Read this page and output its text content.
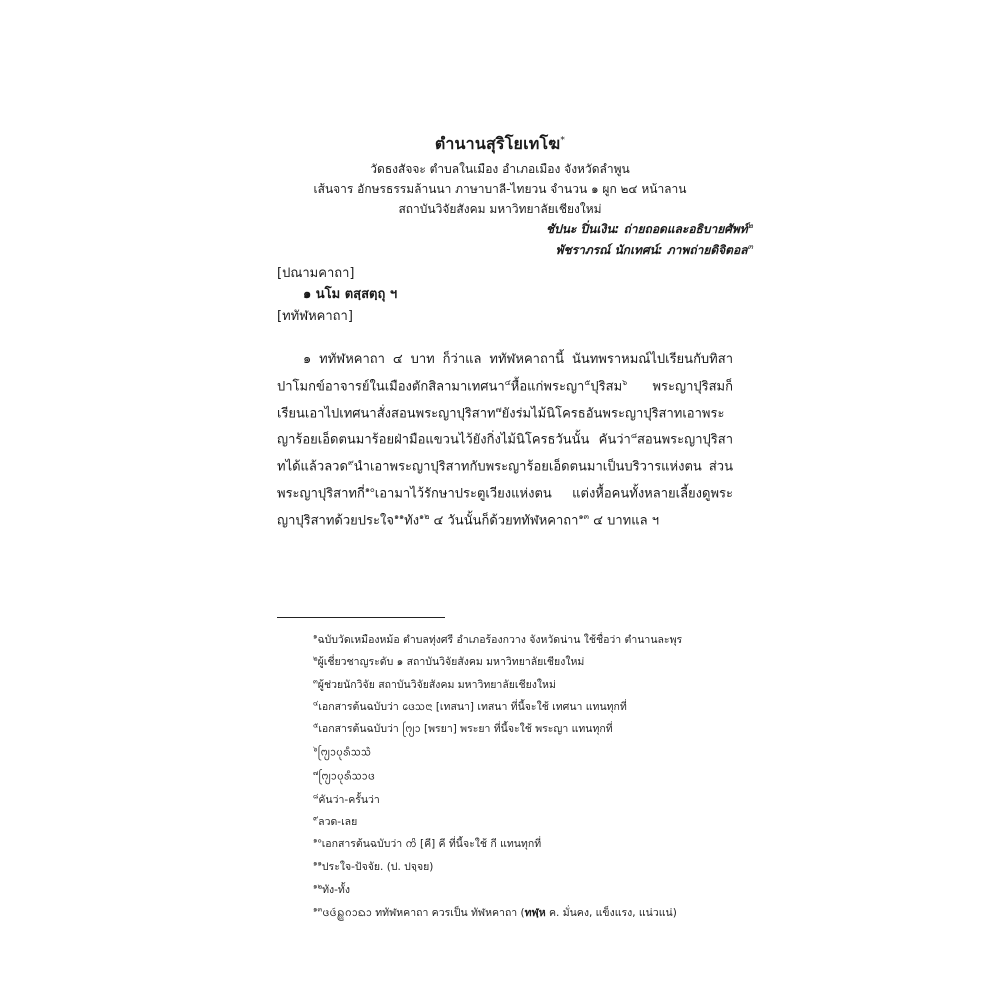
ตำนานสุริโยเทโฆ*
วัดธงสัจจะ ตำบลในเมือง อำเภอเมือง จังหวัดลำพูน
เส้นจาร อักษรธรรมล้านนา ภาษาบาลี-ไทยวน จำนวน ๑ ผูก ๒๔ หน้าลาน
สถาบันวิจัยสังคม มหาวิทยาลัยเชียงใหม่
ชัปนะ ปิ่นเงิน: ถ่ายถอดและอธิบายศัพท์$^๒$
พัชราภรณ์ นักเทศน์: ภาพถ่ายดิจิตอล$^๓$
[ปณามคาถา]
๑ นโม ตสฺสตฺถุ ฯ
[ททัฬหคาถา]
๑ ททัฬหคาถา ๔ บาท ก็ว่าแล ททัฬหคาถานี้ นันทพราหมณ์ไปเรียนกับทิสาปาโมกข์อาจารย์ในเมืองตักสิลามาเทศนา$^๔$หื้อแก่พระญา$^๕$ปุริสม$^๖$ พระญาปุริสมก็เรียนเอาไปเทศนาสั่งสอนพระญาปุริสาท$^๗$ยังร่มไม้นิโครธอันพระญาปุริสาทเอาพระญาร้อยเอ็ดตนมาร้อยฝ่ามือแขวนไว้ยังกิ่งไม้นิโครธวันนั้น คันว่า$^๘$สอนพระญาปุริสาทได้แล้วลวด$^๙$นำเอาพระญาปุริสาทกับพระญาร้อยเอ็ดตนมาเป็นบริวารแห่งตน ส่วนพระญาปุริสาทกี่$^{๑๐}$เอามาไว้รักษาประตูเวียงแห่งตน แต่งหื้อคนทั้งหลายเลี้ยงดูพระญาปุริสาทด้วยประใจ$^{๑๑}$ทัง$^{๑๒}$ ๔ วันนั้นก็ด้วยททัฬหคาถา$^{๑๓}$ ๔ บาทแล ฯ
$^๑$ฉบับวัดเหมืองหม้อ ตำบลทุ่งศรี อำเภอร้องกวาง จังหวัดน่าน ใช้ชื่อว่า ตำนานละพุร
$^๒$ผู้เชี่ยวชาญระดับ ๑ สถาบันวิจัยสังคม มหาวิทยาลัยเชียงใหม่
$^๓$ผู้ช่วยนักวิจัย สถาบันวิจัยสังคม มหาวิทยาลัยเชียงใหม่
$^๔$เอกสารต้นฉบับว่า ᨴᩮᩈᨶᩣ [เทสนา] เทสนา ที่นี้จะใช้ เทศนา แทนทุกที่
$^๕$เอกสารต้นฉบับว่า ᨻᩕ᩠ᨿᩣ [พรยา] พระยา ที่นี้จะใช้ พระญา แทนทุกที่
$^๖$ᨻᩕ᩠ᨿᩣᨷᩩᩁᩥᩈᩈᩫ
$^๗$ᨻᩕ᩠ᨿᩣᨷᩩᩁᩥᩈᩣᨴ
$^๘$คันว่า-ครั้นว่า
$^๙$ลวด-เลย
$^{๑๐}$เอกสารต้นฉบับว่า ᨠᩦ [คี] คี ที่นี้จะใช้ กี แทนทุกที่
$^{๑๑}$ประใจ-ปัจจัย. (ป. ปจฺจย)
$^{๑๒}$ทัง-ทั้ง
$^{๑๓}$ᨴᨴᩢᩊ᩠ᩉᨣᩣᨳᩣ ททัฬหคาถา ควรเป็น ทัฬหคาถา (ทฬฺห ค. มั่นคง, แข็งแรง, แน่วแน่)
